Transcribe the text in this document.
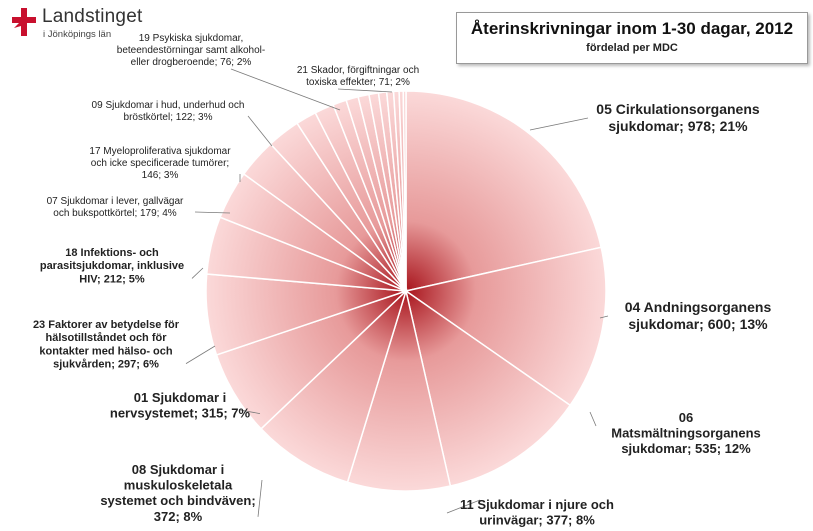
Landstinget
i Jönköpings län	Återinskrivningar inom 1-30 dagar, 2012
fördelad per MDC
05 Cirkulationsorganens sjukdomar; 978; 21%
04 Andningsorganens sjukdomar; 600; 13%
06 Matsmältningsorganens sjukdomar; 535; 12%
11 Sjukdomar i njure och urinvägar; 377; 8%
08 Sjukdomar i muskuloskeletala systemet och bindväven; 372; 8%
01 Sjukdomar i nervsystemet; 315; 7%
23 Faktorer av betydelse för hälsotillståndet och för kontakter med hälso- och sjukvården; 297; 6%
18 Infektions- och parasitsjukdomar, inklusive HIV; 212; 5%
07 Sjukdomar i lever, gallvägar och bukspottkörtel; 179; 4%
17 Myeloproliferativa sjukdomar och icke specificerade tumörer; 146; 3%
09 Sjukdomar i hud, underhud och bröstkörtel; 122; 3%
19 Psykiska sjukdomar, beteendestörningar samt alkohol-eller drogberoende; 76; 2%
21 Skador, förgiftningar och toxiska effekter; 71; 2%
